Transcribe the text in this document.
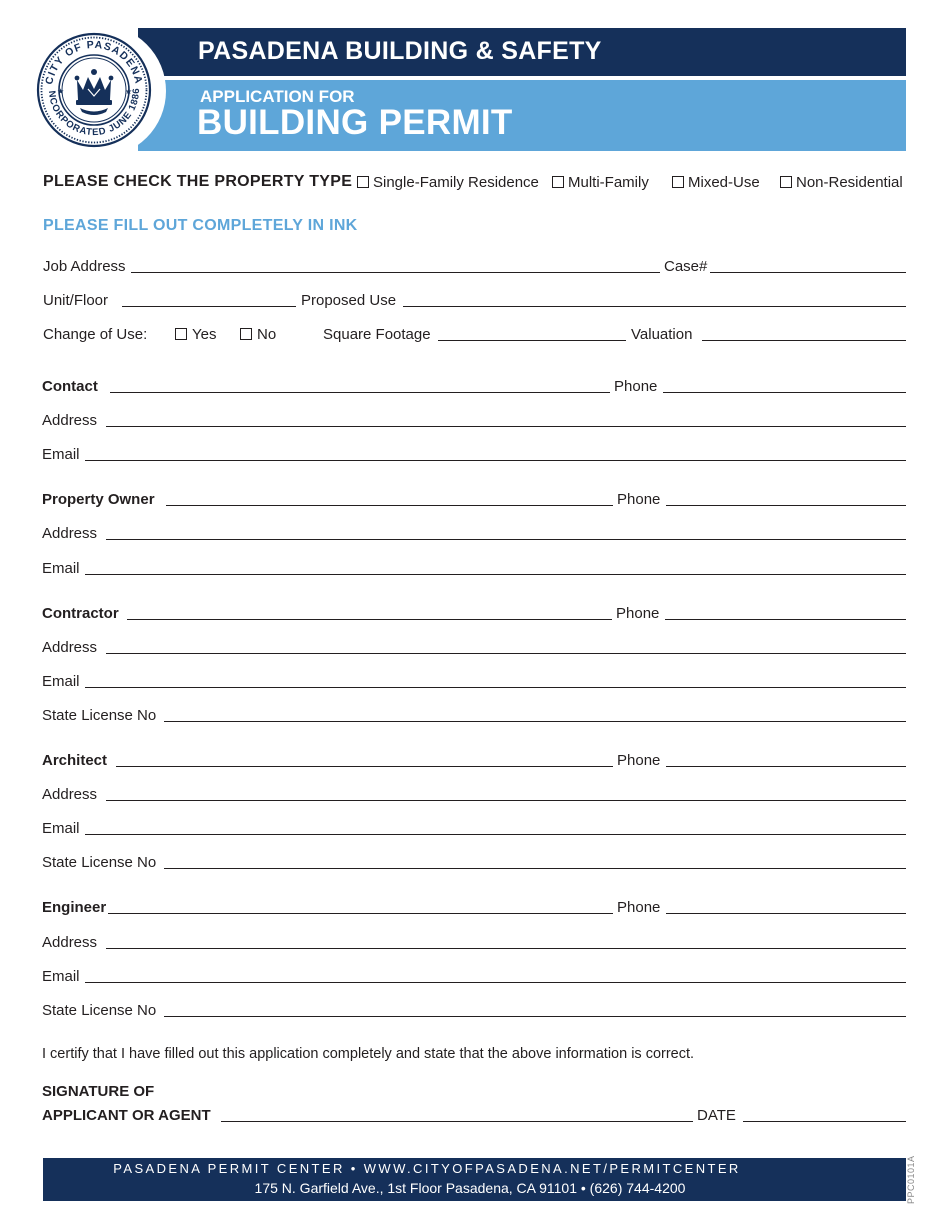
PASADENA BUILDING & SAFETY
APPLICATION FOR
BUILDING PERMIT
CITY OF PASADENA
NCORPORATED JUNE 1886
★	★
PLEASE CHECK THE PROPERTY TYPE Single-Family Residence Multi-Family	Mixed-Use Non-Residential
PLEASE FILL OUT COMPLETELY IN INK
Job Address	Case#
Unit/Floor	Proposed Use
Change of Use:	Yes	No	Square Footage	Valuation
Contact	Phone
Address
Email
Property Owner	Phone
Address
Email
Contractor	Phone
Address
Email
State License No
Architect	Phone
Address
Email
State License No
Engineer	Phone
Address
Email
State License No
I certify that I have filled out this application completely and state that the above information is correct.
SIGNATURE OF
APPLICANT OR AGENT	DATE
PASADENA PERMIT CENTER • WWW.CITYOFPASADENA.NET/PERMITCENTER
175 N. Garfield Ave., 1st Floor Pasadena, CA 91101 • (626) 744-4200	PPC0101A
